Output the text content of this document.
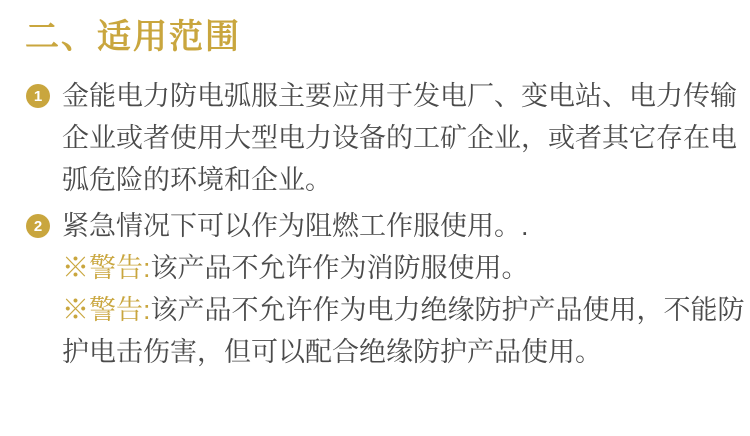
二、适用范围
1 金能电力防电弧服主要应用于发电厂、变电站、电力传输
企业或者使用大型电力设备的工矿企业，或者其它存在电
弧危险的环境和企业。
2 紧急情况下可以作为阻燃工作服使用。.
※警告:该产品不允许作为消防服使用。
※警告:该产品不允许作为电力绝缘防护产品使用，不能防
护电击伤害，但可以配合绝缘防护产品使用。
